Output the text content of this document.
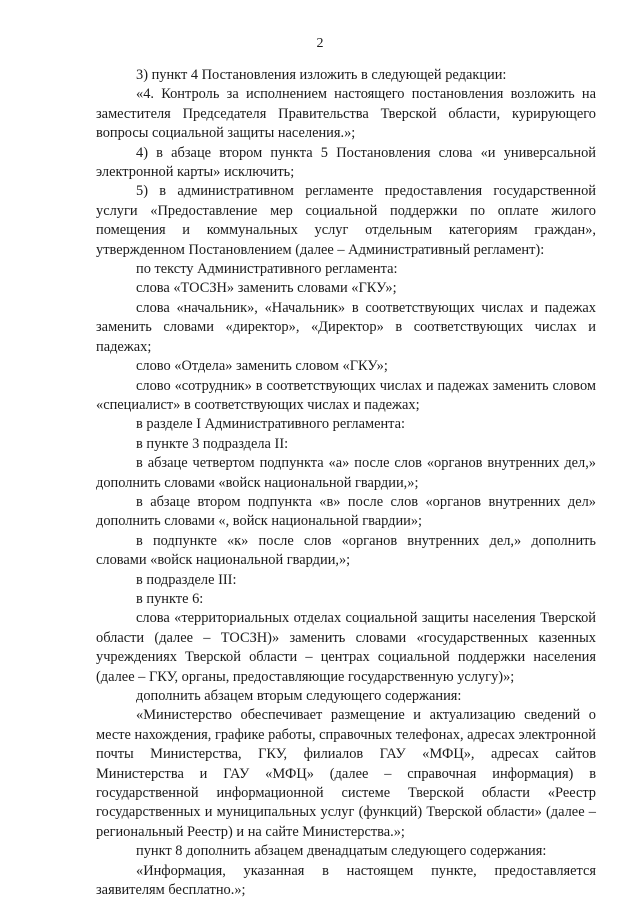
2

3) пункт 4 Постановления изложить в следующей редакции:

«4. Контроль за исполнением настоящего постановления возложить на заместителя Председателя Правительства Тверской области, курирующего вопросы социальной защиты населения.»;

4) в абзаце втором пункта 5 Постановления слова «и универсальной электронной карты» исключить;

5) в административном регламенте предоставления государственной услуги «Предоставление мер социальной поддержки по оплате жилого помещения и коммунальных услуг отдельным категориям граждан», утвержденном Постановлением (далее – Административный регламент):

по тексту Административного регламента:

слова «ТОСЗН» заменить словами «ГКУ»;

слова «начальник», «Начальник» в соответствующих числах и падежах заменить словами «директор», «Директор» в соответствующих числах и падежах;

слово «Отдела» заменить словом «ГКУ»;

слово «сотрудник» в соответствующих числах и падежах заменить словом «специалист» в соответствующих числах и падежах;

в разделе I Административного регламента:

в пункте 3 подраздела II:

в абзаце четвертом подпункта «а» после слов «органов внутренних дел,» дополнить словами «войск национальной гвардии,»;

в абзаце втором подпункта «в» после слов «органов внутренних дел» дополнить словами «, войск национальной гвардии»;

в подпункте «к» после слов «органов внутренних дел,» дополнить словами «войск национальной гвардии,»;

в подразделе III:

в пункте 6:

слова «территориальных отделах социальной защиты населения Тверской области (далее – ТОСЗН)» заменить словами «государственных казенных учреждениях Тверской области – центрах социальной поддержки населения (далее – ГКУ, органы, предоставляющие государственную услугу)»;

дополнить абзацем вторым следующего содержания:

«Министерство обеспечивает размещение и актуализацию сведений о месте нахождения, графике работы, справочных телефонах, адресах электронной почты Министерства, ГКУ, филиалов ГАУ «МФЦ», адресах сайтов Министерства и ГАУ «МФЦ» (далее – справочная информация) в государственной информационной системе Тверской области «Реестр государственных и муниципальных услуг (функций) Тверской области» (далее – региональный Реестр) и на сайте Министерства.»;

пункт 8 дополнить абзацем двенадцатым следующего содержания:

«Информация, указанная в настоящем пункте, предоставляется заявителям бесплатно.»;
